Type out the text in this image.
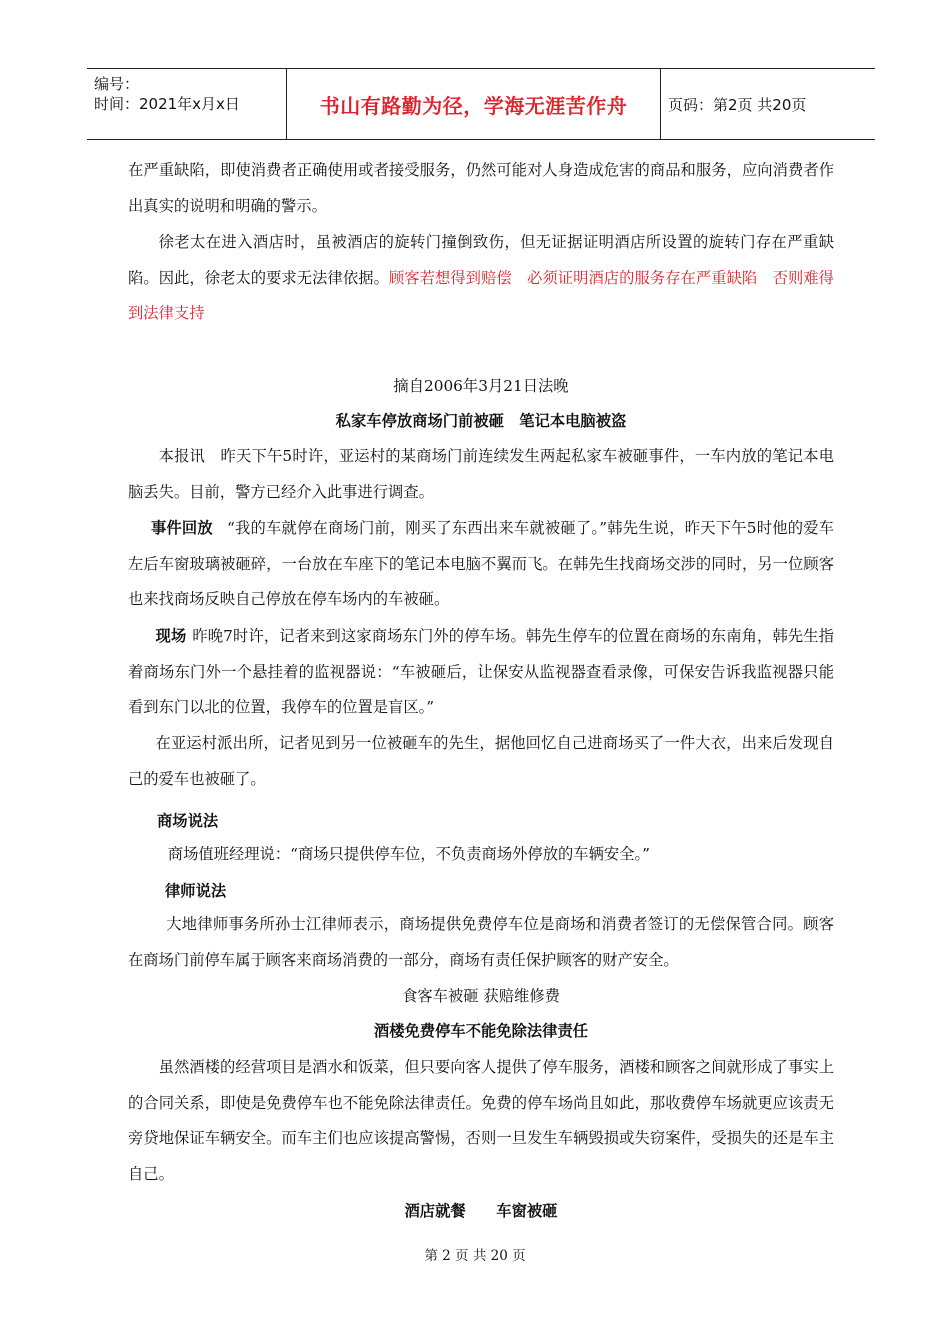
编号：
时间：2021年x月x日	书山有路勤为径，学海无涯苦作舟	页码：第2页 共20页
在严重缺陷，即使消费者正确使用或者接受服务，仍然可能对人身造成危害的商品和服务，应向消费者作出真实的说明和明确的警示。
徐老太在进入酒店时，虽被酒店的旋转门撞倒致伤，但无证据证明酒店所设置的旋转门存在严重缺陷。因此，徐老太的要求无法律依据。顾客若想得到赔偿　必须证明酒店的服务存在严重缺陷　否则难得到法律支持
摘自2006年3月21日法晚
私家车停放商场门前被砸　笔记本电脑被盗
本报讯　昨天下午5时许，亚运村的某商场门前连续发生两起私家车被砸事件，一车内放的笔记本电脑丢失。目前，警方已经介入此事进行调查。
事件回放 “我的车就停在商场门前，刚买了东西出来车就被砸了。”韩先生说，昨天下午5时他的爱车左后车窗玻璃被砸碎，一台放在车座下的笔记本电脑不翼而飞。在韩先生找商场交涉的同时，另一位顾客也来找商场反映自己停放在停车场内的车被砸。
现场 昨晚7时许，记者来到这家商场东门外的停车场。韩先生停车的位置在商场的东南角，韩先生指着商场东门外一个悬挂着的监视器说：“车被砸后，让保安从监视器查看录像，可保安告诉我监视器只能看到东门以北的位置，我停车的位置是盲区。”
在亚运村派出所，记者见到另一位被砸车的先生，据他回忆自己进商场买了一件大衣，出来后发现自己的爱车也被砸了。
商场说法
商场值班经理说：“商场只提供停车位，不负责商场外停放的车辆安全。”
律师说法
大地律师事务所孙士江律师表示，商场提供免费停车位是商场和消费者签订的无偿保管合同。顾客在商场门前停车属于顾客来商场消费的一部分，商场有责任保护顾客的财产安全。
食客车被砸 获赔维修费
酒楼免费停车不能免除法律责任
虽然酒楼的经营项目是酒水和饭菜，但只要向客人提供了停车服务，酒楼和顾客之间就形成了事实上的合同关系，即使是免费停车也不能免除法律责任。免费的停车场尚且如此，那收费停车场就更应该责无旁贷地保证车辆安全。而车主们也应该提高警惕，否则一旦发生车辆毁损或失窃案件，受损失的还是车主自己。
酒店就餐　　车窗被砸
第 2 页 共 20 页
